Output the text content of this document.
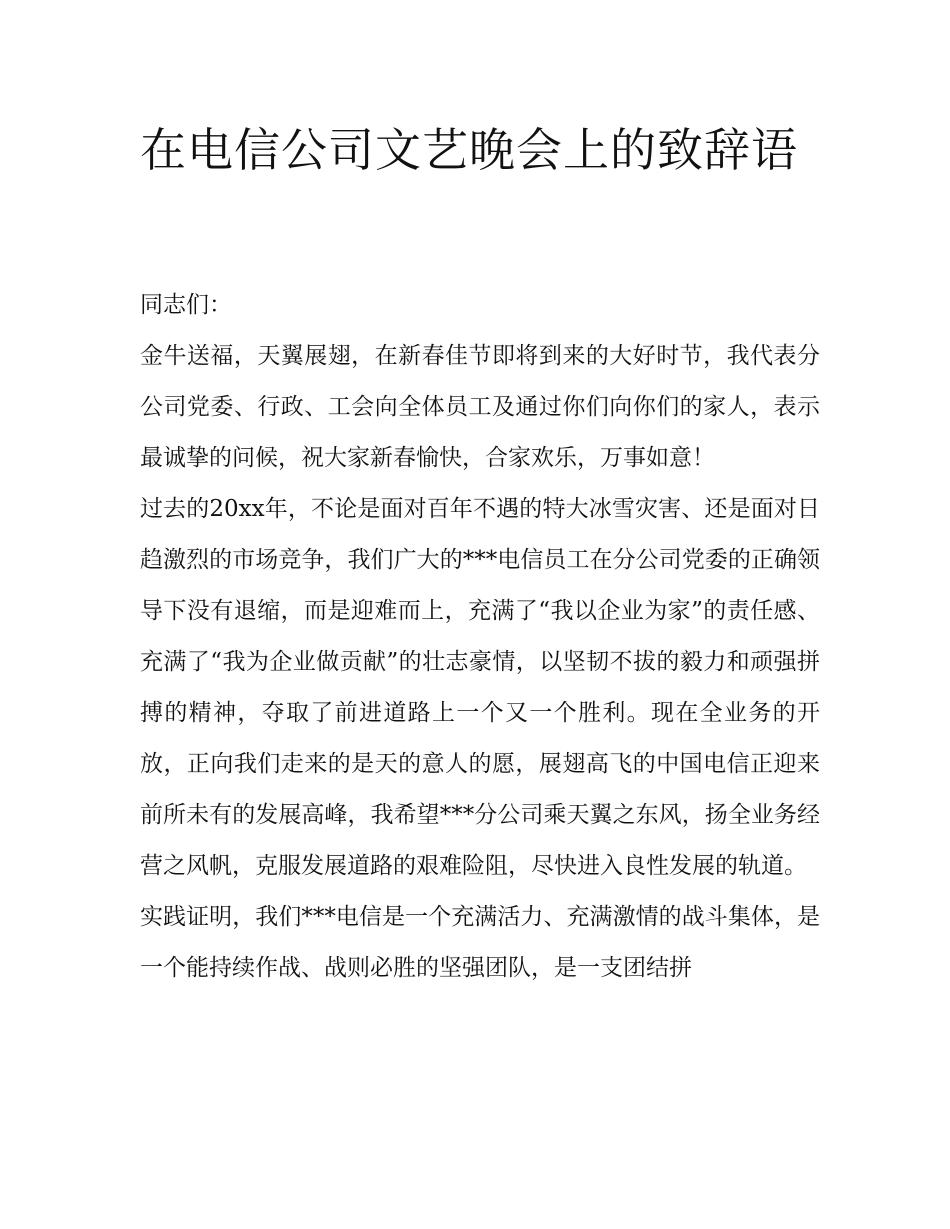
在电信公司文艺晚会上的致辞语

同志们：

金牛送福，天翼展翅，在新春佳节即将到来的大好时节，我代表分公司党委、行政、工会向全体员工及通过你们向你们的家人，表示最诚挚的问候，祝大家新春愉快，合家欢乐，万事如意！

过去的20xx年，不论是面对百年不遇的特大冰雪灾害、还是面对日趋激烈的市场竞争，我们广大的***电信员工在分公司党委的正确领导下没有退缩，而是迎难而上，充满了“我以企业为家”的责任感、充满了“我为企业做贡献”的壮志豪情，以坚韧不拔的毅力和顽强拼搏的精神，夺取了前进道路上一个又一个胜利。现在全业务的开放，正向我们走来的是天的意人的愿，展翅高飞的中国电信正迎来前所未有的发展高峰，我希望***分公司乘天翼之东风，扬全业务经营之风帆，克服发展道路的艰难险阻，尽快进入良性发展的轨道。

实践证明，我们***电信是一个充满活力、充满激情的战斗集体，是一个能持续作战、战则必胜的坚强团队，是一支团结拼
